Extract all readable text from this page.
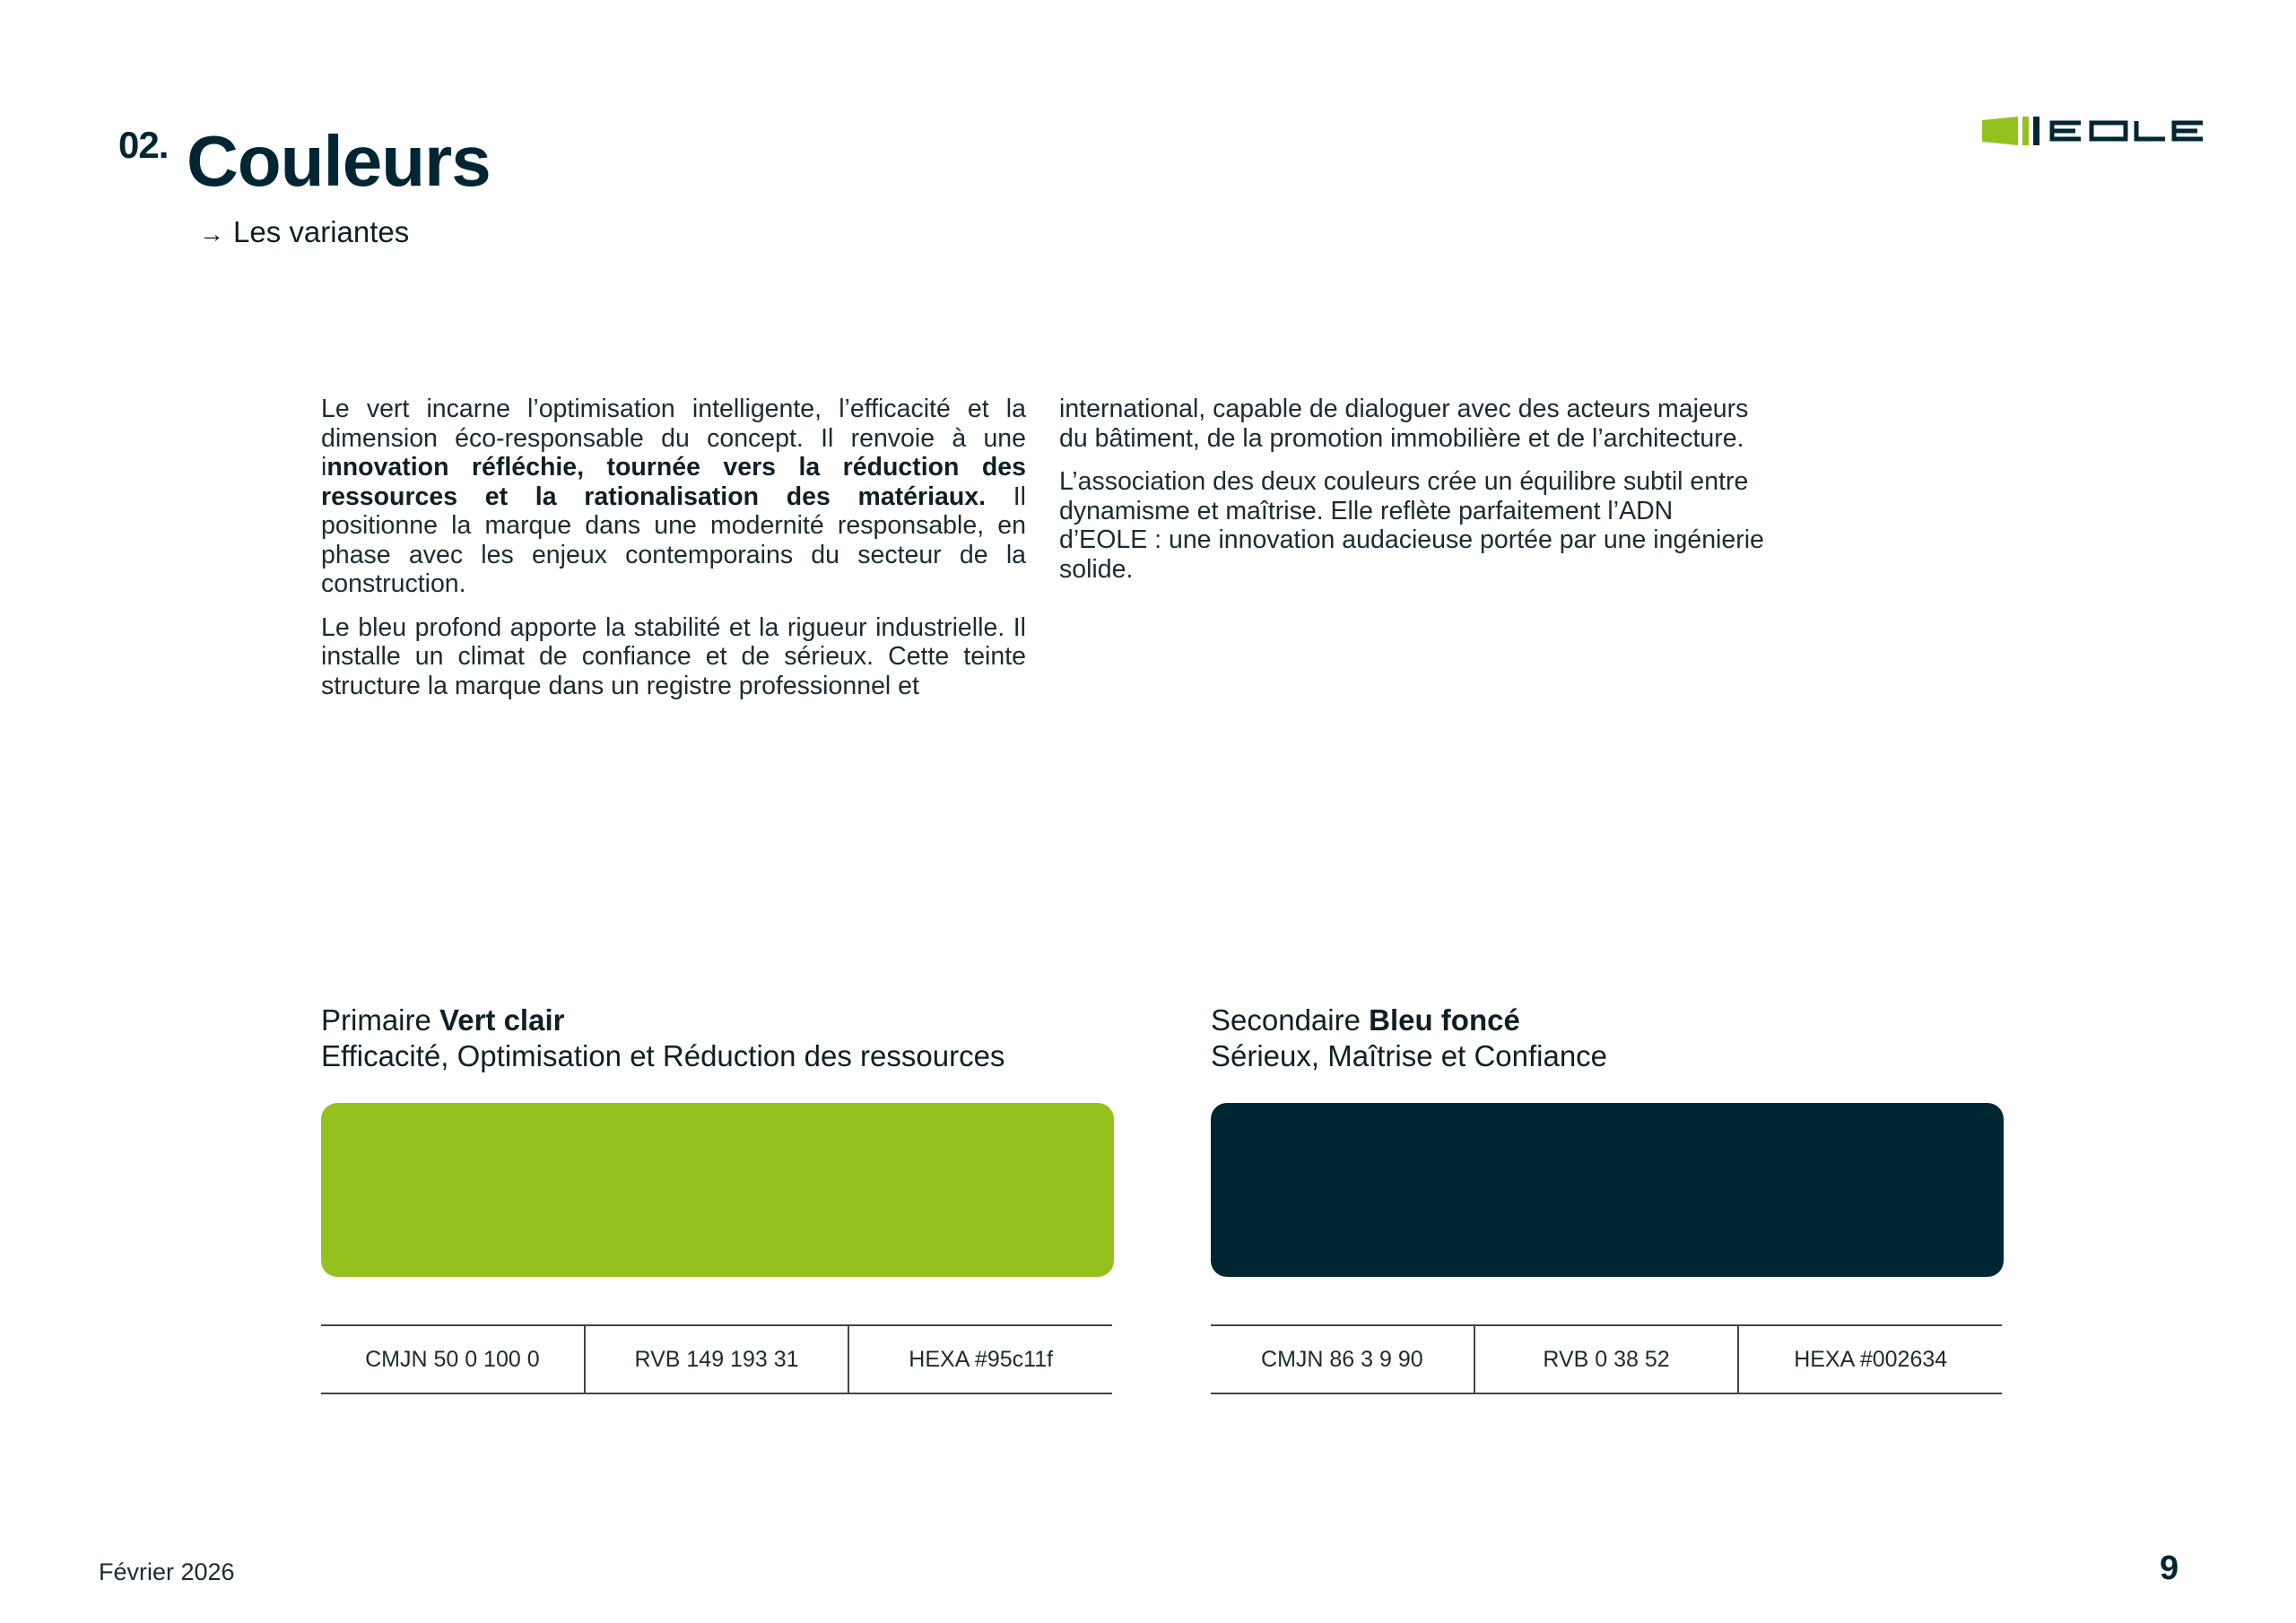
02. Couleurs
→ Les variantes

Le vert incarne l’optimisation intelligente, l’efficacité et la dimension éco-responsable du concept. Il renvoie à une innovation réfléchie, tournée vers la réduction des ressources et la rationalisation des matériaux. Il positionne la marque dans une modernité responsable, en phase avec les enjeux contemporains du secteur de la construction.

Le bleu profond apporte la stabilité et la rigueur industrielle. Il installe un climat de confiance et de sérieux. Cette teinte structure la marque dans un registre professionnel et

international, capable de dialoguer avec des acteurs majeurs du bâtiment, de la promotion immobilière et de l’architecture.

L’association des deux couleurs crée un équilibre subtil entre dynamisme et maîtrise. Elle reflète parfaitement l’ADN d’EOLE : une innovation audacieuse portée par une ingénierie solide.

Primaire Vert clair
Efficacité, Optimisation et Réduction des ressources
CMJN 50 0 100 0	RVB 149 193 31	HEXA #95c11f
Secondaire Bleu foncé
Sérieux, Maîtrise et Confiance
CMJN 86 3 9 90	RVB 0 38 52	HEXA #002634
Février 2026	9
